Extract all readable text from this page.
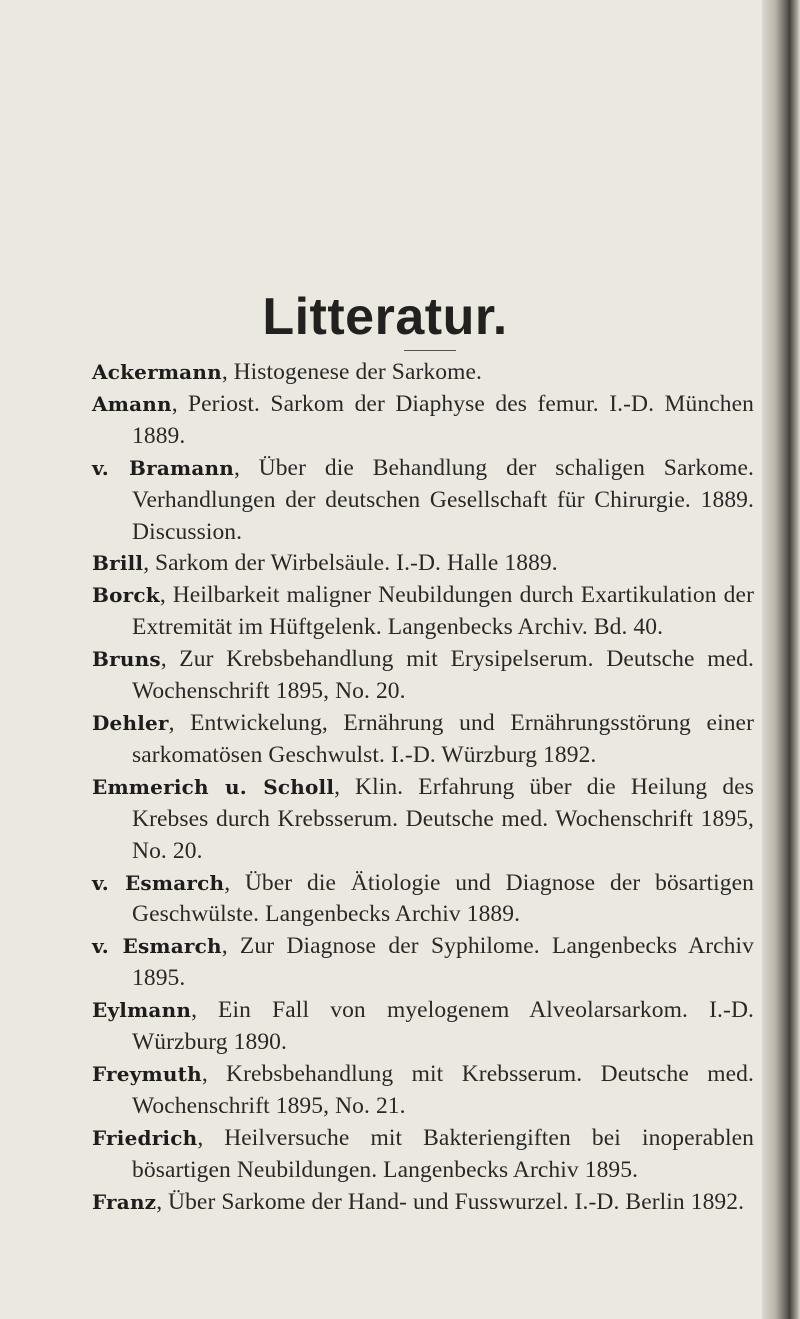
Litteratur.

Ackermann, Histogenese der Sarkome.

Amann, Periost. Sarkom der Diaphyse des femur. I.-D. München 1889.

v. Bramann, Über die Behandlung der schaligen Sarkome. Verhandlungen der deutschen Gesellschaft für Chirurgie. 1889. Discussion.

Brill, Sarkom der Wirbelsäule. I.-D. Halle 1889.

Borck, Heilbarkeit maligner Neubildungen durch Exartikulation der Extremität im Hüftgelenk. Langenbecks Archiv. Bd. 40.

Bruns, Zur Krebsbehandlung mit Erysipelserum. Deutsche med. Wochenschrift 1895, No. 20.

Dehler, Entwickelung, Ernährung und Ernährungsstörung einer sarkomatösen Geschwulst. I.-D. Würzburg 1892.

Emmerich u. Scholl, Klin. Erfahrung über die Heilung des Krebses durch Krebsserum. Deutsche med. Wochenschrift 1895, No. 20.

v. Esmarch, Über die Ätiologie und Diagnose der bösartigen Geschwülste. Langenbecks Archiv 1889.

v. Esmarch, Zur Diagnose der Syphilome. Langenbecks Archiv 1895.

Eylmann, Ein Fall von myelogenem Alveolarsarkom. I.-D. Würzburg 1890.

Freymuth, Krebsbehandlung mit Krebsserum. Deutsche med. Wochenschrift 1895, No. 21.

Friedrich, Heilversuche mit Bakteriengiften bei inoperablen bösartigen Neubildungen. Langenbecks Archiv 1895.

Franz, Über Sarkome der Hand- und Fusswurzel. I.-D. Berlin 1892.
